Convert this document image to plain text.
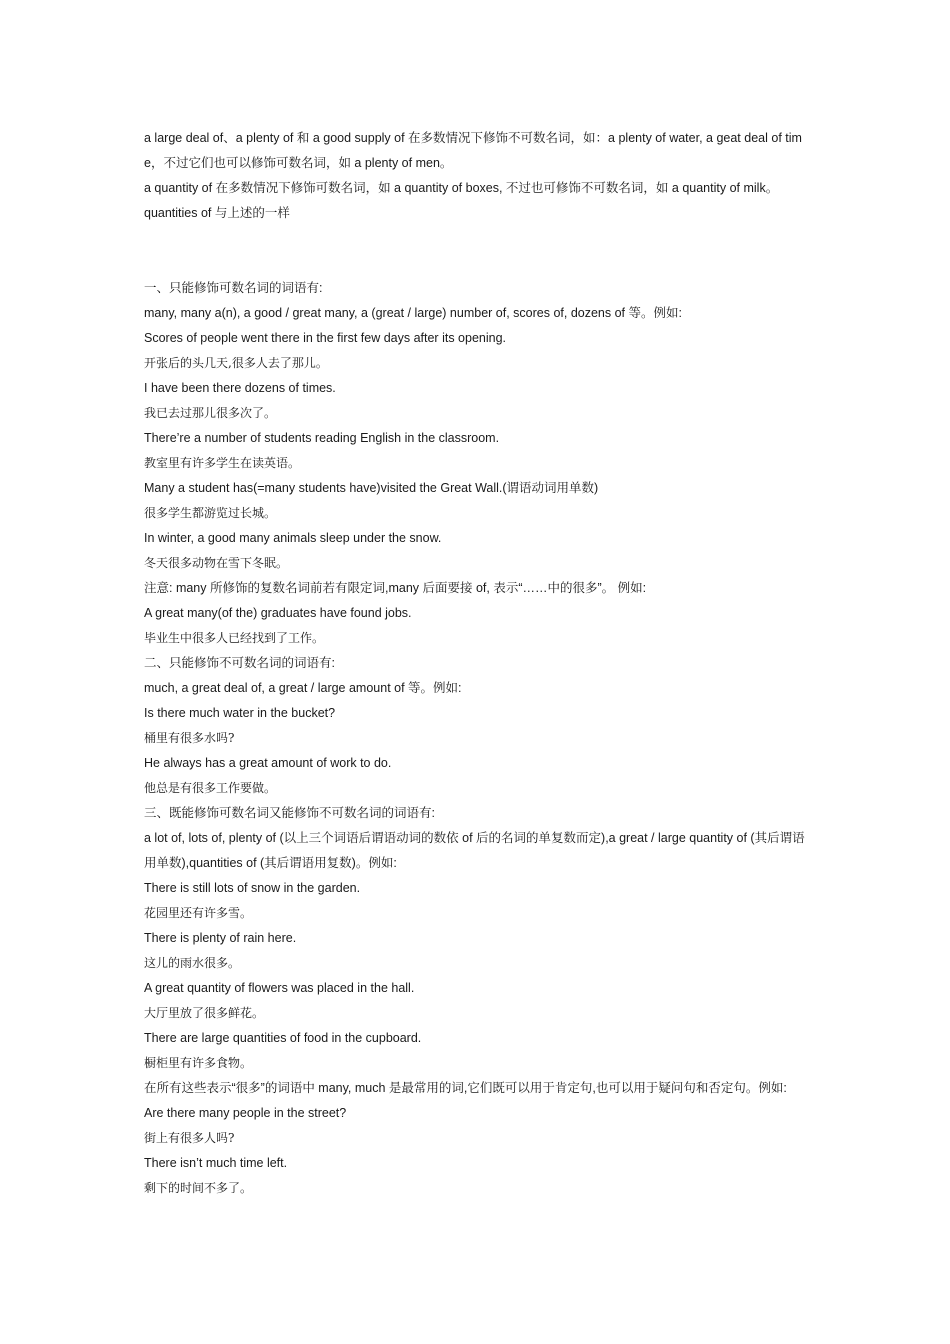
a large deal of、a plenty of 和 a good supply of 在多数情况下修饰不可数名词，如：a plenty of water, a geat deal of time，不过它们也可以修饰可数名词，如 a plenty of men。

a quantity of 在多数情况下修饰可数名词，如 a quantity of boxes, 不过也可修饰不可数名词，如 a quantity of milk。

quantities of 与上述的一样

一、只能修饰可数名词的词语有:

many, many a(n), a good / great many, a (great / large) number of, scores of, dozens of 等。例如:

Scores of people went there in the first few days after its opening.

开张后的头几天,很多人去了那儿。

I have been there dozens of times.

我已去过那儿很多次了。

There’re a number of students reading English in the classroom.

教室里有许多学生在读英语。

Many a student has(=many students have)visited the Great Wall.(谓语动词用单数)

很多学生都游览过长城。

In winter, a good many animals sleep under the snow.

冬天很多动物在雪下冬眠。

注意: many 所修饰的复数名词前若有限定词,many 后面要接 of, 表示“……中的很多”。 例如:

A great many(of the) graduates have found jobs.

毕业生中很多人已经找到了工作。

二、只能修饰不可数名词的词语有:

much, a great deal of, a great / large amount of 等。例如:

Is there much water in the bucket?

桶里有很多水吗?

He always has a great amount of work to do.

他总是有很多工作要做。

三、既能修饰可数名词又能修饰不可数名词的词语有:

a lot of, lots of, plenty of (以上三个词语后谓语动词的数依 of 后的名词的单复数而定),a great / large quantity of (其后谓语用单数),quantities of (其后谓语用复数)。例如:

There is still lots of snow in the garden.

花园里还有许多雪。

There is plenty of rain here.

这儿的雨水很多。

A great quantity of flowers was placed in the hall.

大厅里放了很多鲜花。

There are large quantities of food in the cupboard.

橱柜里有许多食物。

在所有这些表示“很多”的词语中 many, much 是最常用的词,它们既可以用于肯定句,也可以用于疑问句和否定句。例如:

Are there many people in the street?

街上有很多人吗?

There isn’t much time left.

剩下的时间不多了。
